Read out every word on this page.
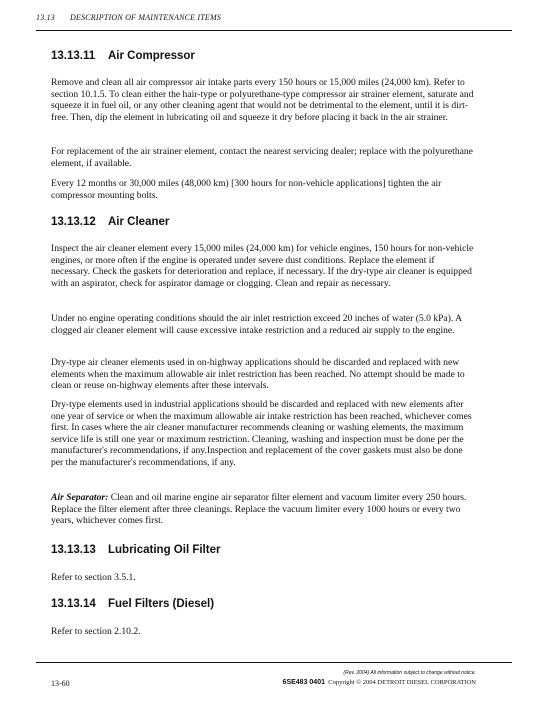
13.13 DESCRIPTION OF MAINTENANCE ITEMS
13.13.11 Air Compressor

Remove and clean all air compressor air intake parts every 150 hours or 15,000 miles (24,000 km). Refer to section 10.1.5. To clean either the hair-type or polyurethane-type compressor air strainer element, saturate and squeeze it in fuel oil, or any other cleaning agent that would not be detrimental to the element, until it is dirt-free. Then, dip the element in lubricating oil and squeeze it dry before placing it back in the air strainer.

For replacement of the air strainer element, contact the nearest servicing dealer; replace with the polyurethane element, if available.

Every 12 months or 30,000 miles (48,000 km) [300 hours for non-vehicle applications] tighten the air compressor mounting bolts.

13.13.12 Air Cleaner

Inspect the air cleaner element every 15,000 miles (24,000 km) for vehicle engines, 150 hours for non-vehicle engines, or more often if the engine is operated under severe dust conditions. Replace the element if necessary. Check the gaskets for deterioration and replace, if necessary. If the dry-type air cleaner is equipped with an aspirator, check for aspirator damage or clogging. Clean and repair as necessary.

Under no engine operating conditions should the air inlet restriction exceed 20 inches of water (5.0 kPa). A clogged air cleaner element will cause excessive intake restriction and a reduced air supply to the engine.

Dry-type air cleaner elements used in on-highway applications should be discarded and replaced with new elements when the maximum allowable air inlet restriction has been reached. No attempt should be made to clean or reuse on-highway elements after these intervals.

Dry-type elements used in industrial applications should be discarded and replaced with new elements after one year of service or when the maximum allowable air intake restriction has been reached, whichever comes first. In cases where the air cleaner manufacturer recommends cleaning or washing elements, the maximum service life is still one year or maximum restriction. Cleaning, washing and inspection must be done per the manufacturer's recommendations, if any.Inspection and replacement of the cover gaskets must also be done per the manufacturer's recommendations, if any.

Air Separator: Clean and oil marine engine air separator filter element and vacuum limiter every 250 hours. Replace the filter element after three cleanings. Replace the vacuum limiter every 1000 hours or every two years, whichever comes first.

13.13.13 Lubricating Oil Filter

Refer to section 3.5.1.

13.13.14 Fuel Filters (Diesel)

Refer to section 2.10.2.

13-60
(Rev. 2004) All information subject to change without notice.
6SE483 0401 Copyright © 2004 DETROIT DIESEL CORPORATION
